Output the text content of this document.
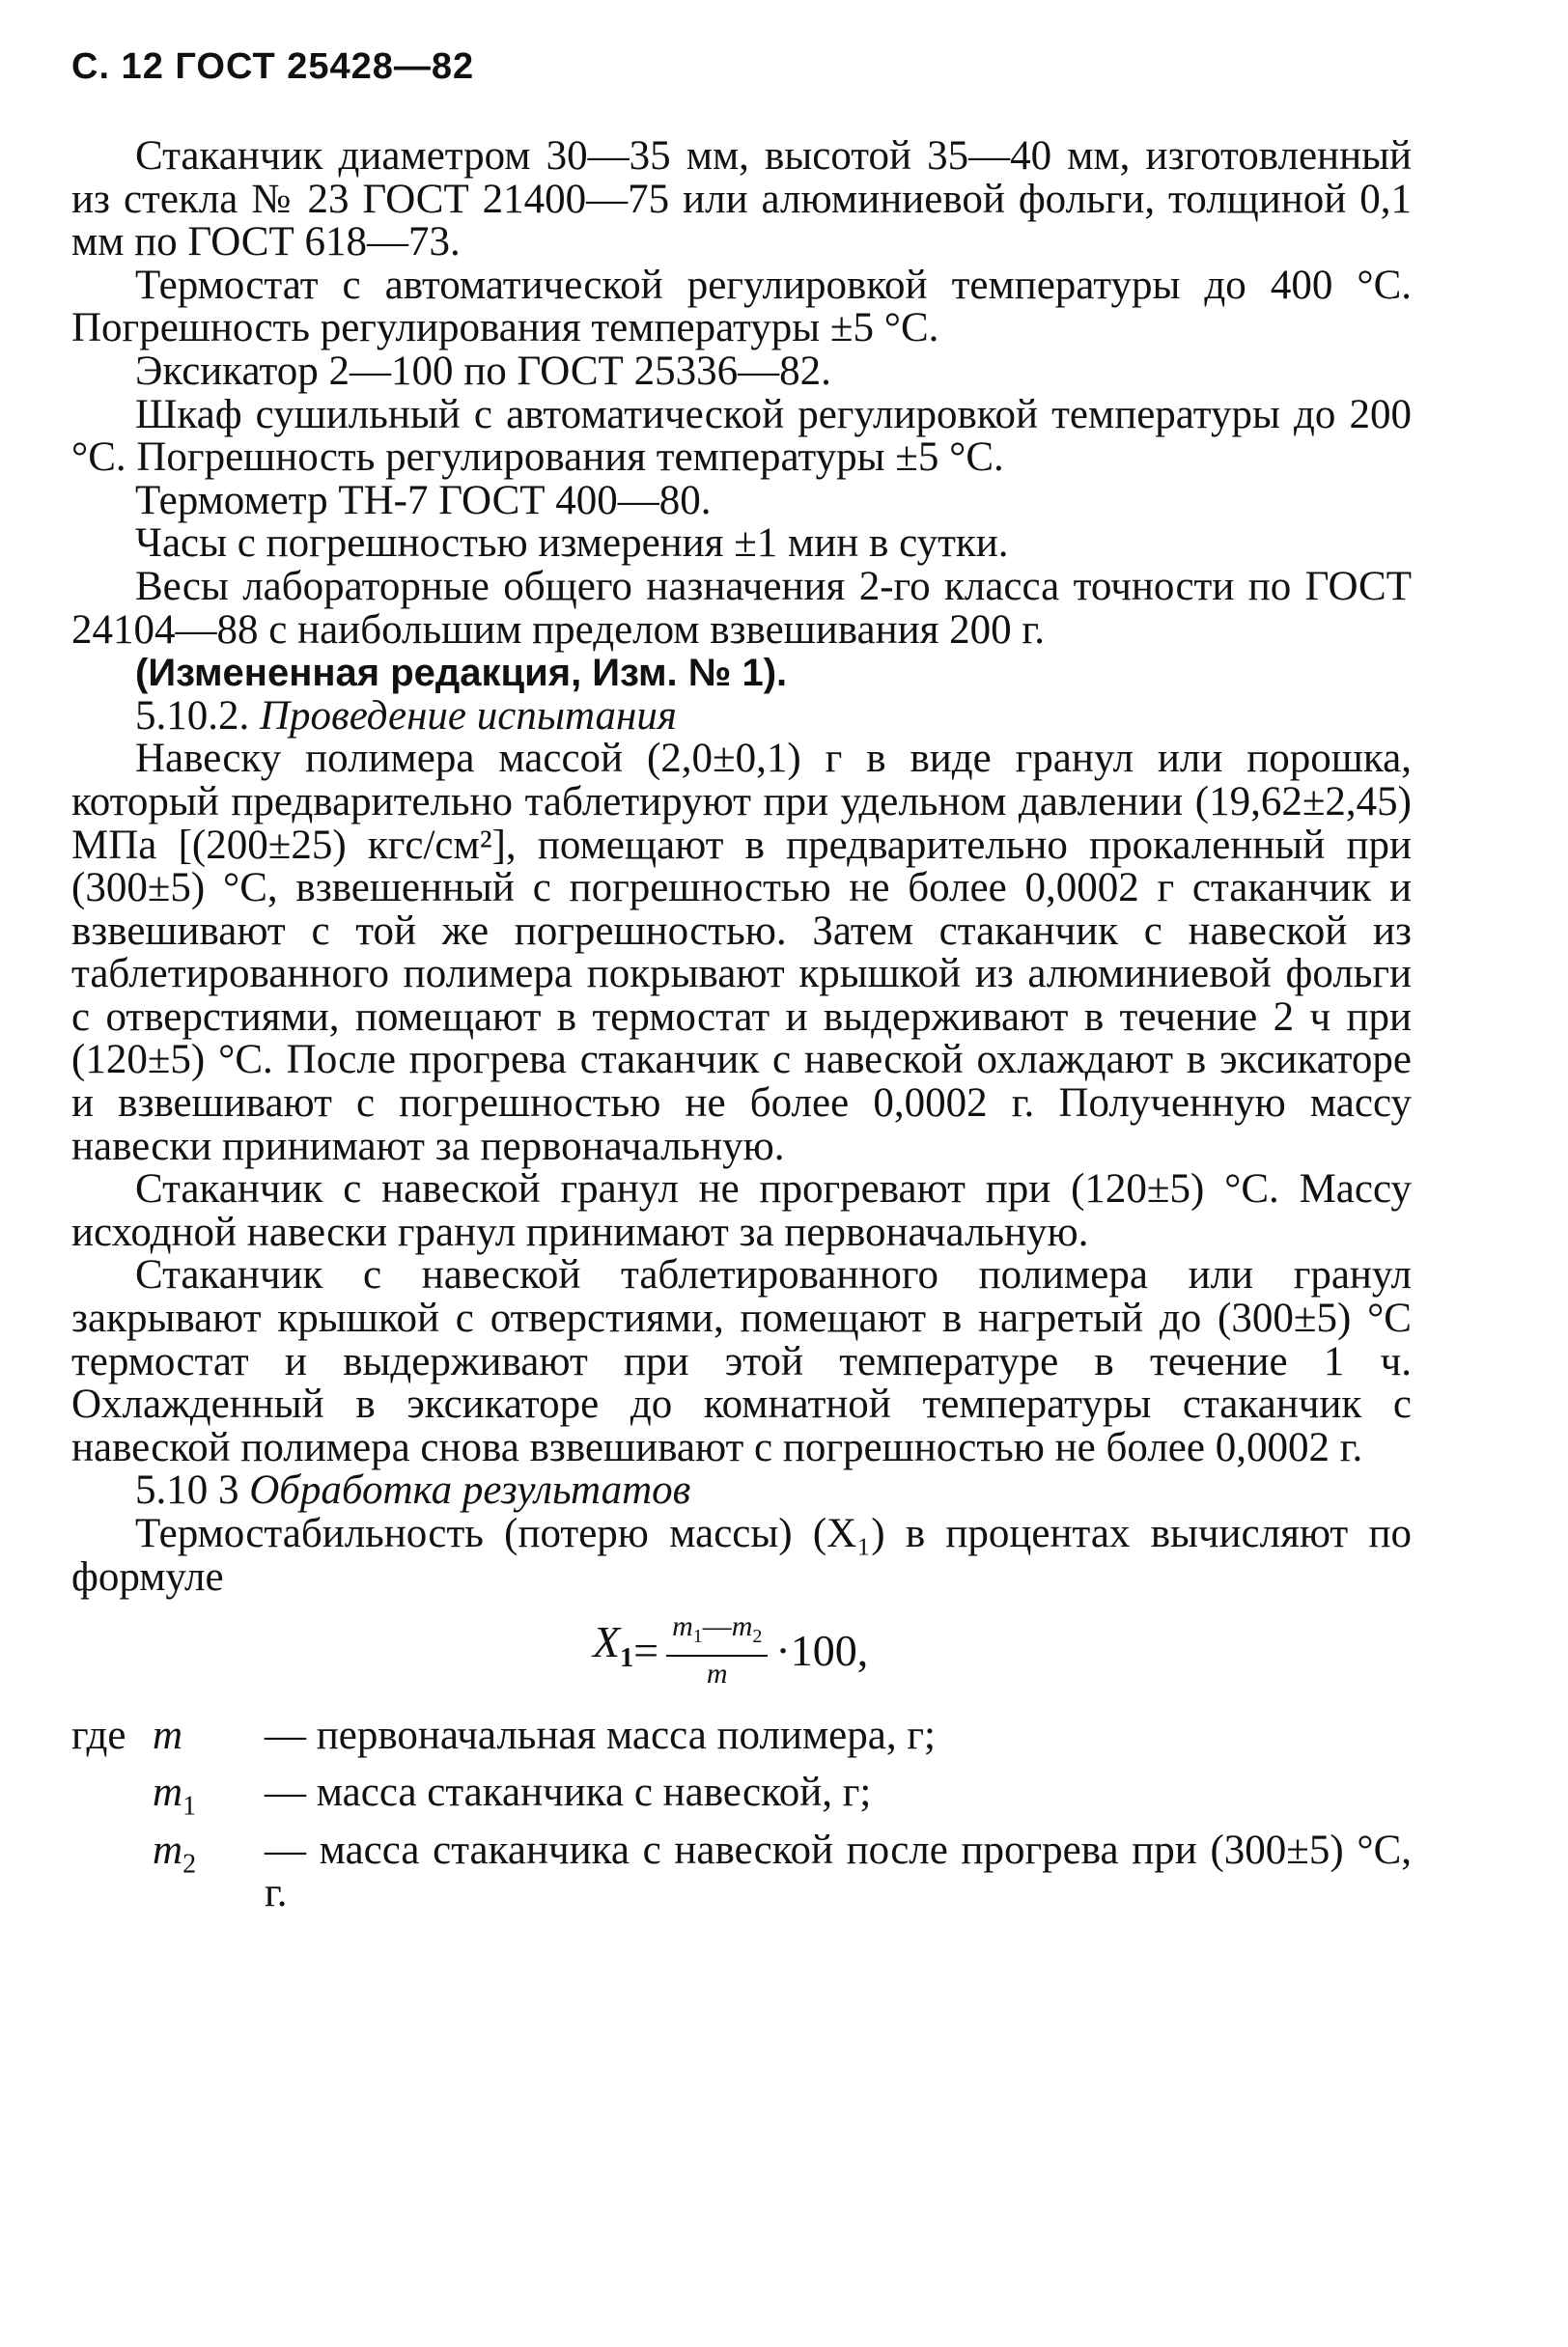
С. 12 ГОСТ 25428—82

Стаканчик диаметром 30—35 мм, высотой 35—40 мм, изготовленный из стекла № 23 ГОСТ 21400—75 или алюминиевой фольги, толщиной 0,1 мм по ГОСТ 618—73.

Термостат с автоматической регулировкой температуры до 400 °С. Погрешность регулирования температуры ±5 °С.

Эксикатор 2—100 по ГОСТ 25336—82.

Шкаф сушильный с автоматической регулировкой температуры до 200 °С. Погрешность регулирования температуры ±5 °С.

Термометр ТН-7 ГОСТ 400—80.

Часы с погрешностью измерения ±1 мин в сутки.

Весы лабораторные общего назначения 2-го класса точности по ГОСТ 24104—88 с наибольшим пределом взвешивания 200 г.

(Измененная редакция, Изм. № 1).

5.10.2. Проведение испытания

Навеску полимера массой (2,0±0,1) г в виде гранул или порошка, который предварительно таблетируют при удельном давлении (19,62±2,45) МПа [(200±25) кгс/см²], помещают в предварительно прокаленный при (300±5) °С, взвешенный с погрешностью не более 0,0002 г стаканчик и взвешивают с той же погрешностью. Затем стаканчик с навеской из таблетированного полимера покрывают крышкой из алюминиевой фольги с отверстиями, помещают в термостат и выдерживают в течение 2 ч при (120±5) °С. После прогрева стаканчик с навеской охлаждают в эксикаторе и взвешивают с погрешностью не более 0,0002 г. Полученную массу навески принимают за первоначальную.

Стаканчик с навеской гранул не прогревают при (120±5) °С. Массу исходной навески гранул принимают за первоначальную.

Стаканчик с навеской таблетированного полимера или гранул закрывают крышкой с отверстиями, помещают в нагретый до (300±5) °С термостат и выдерживают при этой температуре в течение 1 ч. Охлажденный в эксикаторе до комнатной температуры стаканчик с навеской полимера снова взвешивают с погрешностью не более 0,0002 г.

5.10 3 Обработка результатов

Термостабильность (потерю массы) (X₁) в процентах вычисляют по формуле

$X_1 = \frac{m_1—m_2}{m} \cdot 100$,
где m	— первоначальная масса полимера, г;
$m_1$	— масса стаканчика с навеской, г;
$m_2$	— масса стаканчика с навеской после прогрева при (300±5) °С, г.
